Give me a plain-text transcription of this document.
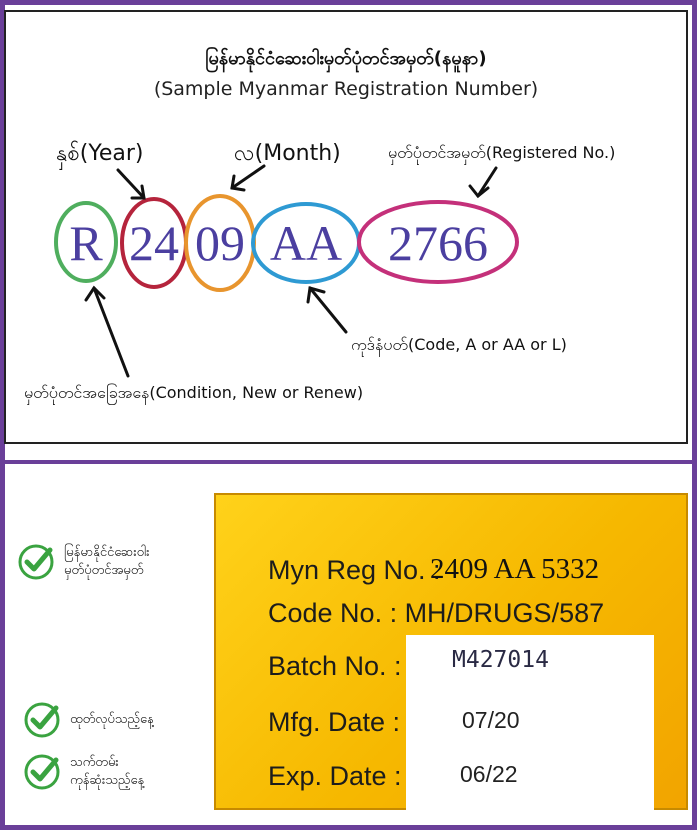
မြန်မာနိုင်ငံဆေးဝါးမှတ်ပုံတင်အမှတ်(နမူနာ)
(Sample Myanmar Registration Number)
နှစ်(Year)	လ(Month)	မှတ်ပုံတင်အမှတ်(Registered No.)
ကုဒ်နံပတ်(Code, A or AA or L)
မှတ်ပုံတင်အခြေအနေ(Condition, New or Renew)
R 24 09 AA 2766
မြန်မာနိုင်ငံဆေးဝါး
မှတ်ပုံတင်အမှတ်
ထုတ်လုပ်သည့်နေ့
သက်တမ်း
ကုန်ဆုံးသည့်နေ့
Myn Reg No. :
2409 AA 5332
Code No. : MH/DRUGS/587
M427014
07/20
06/22
Batch No. :
Mfg. Date :
Exp. Date :
